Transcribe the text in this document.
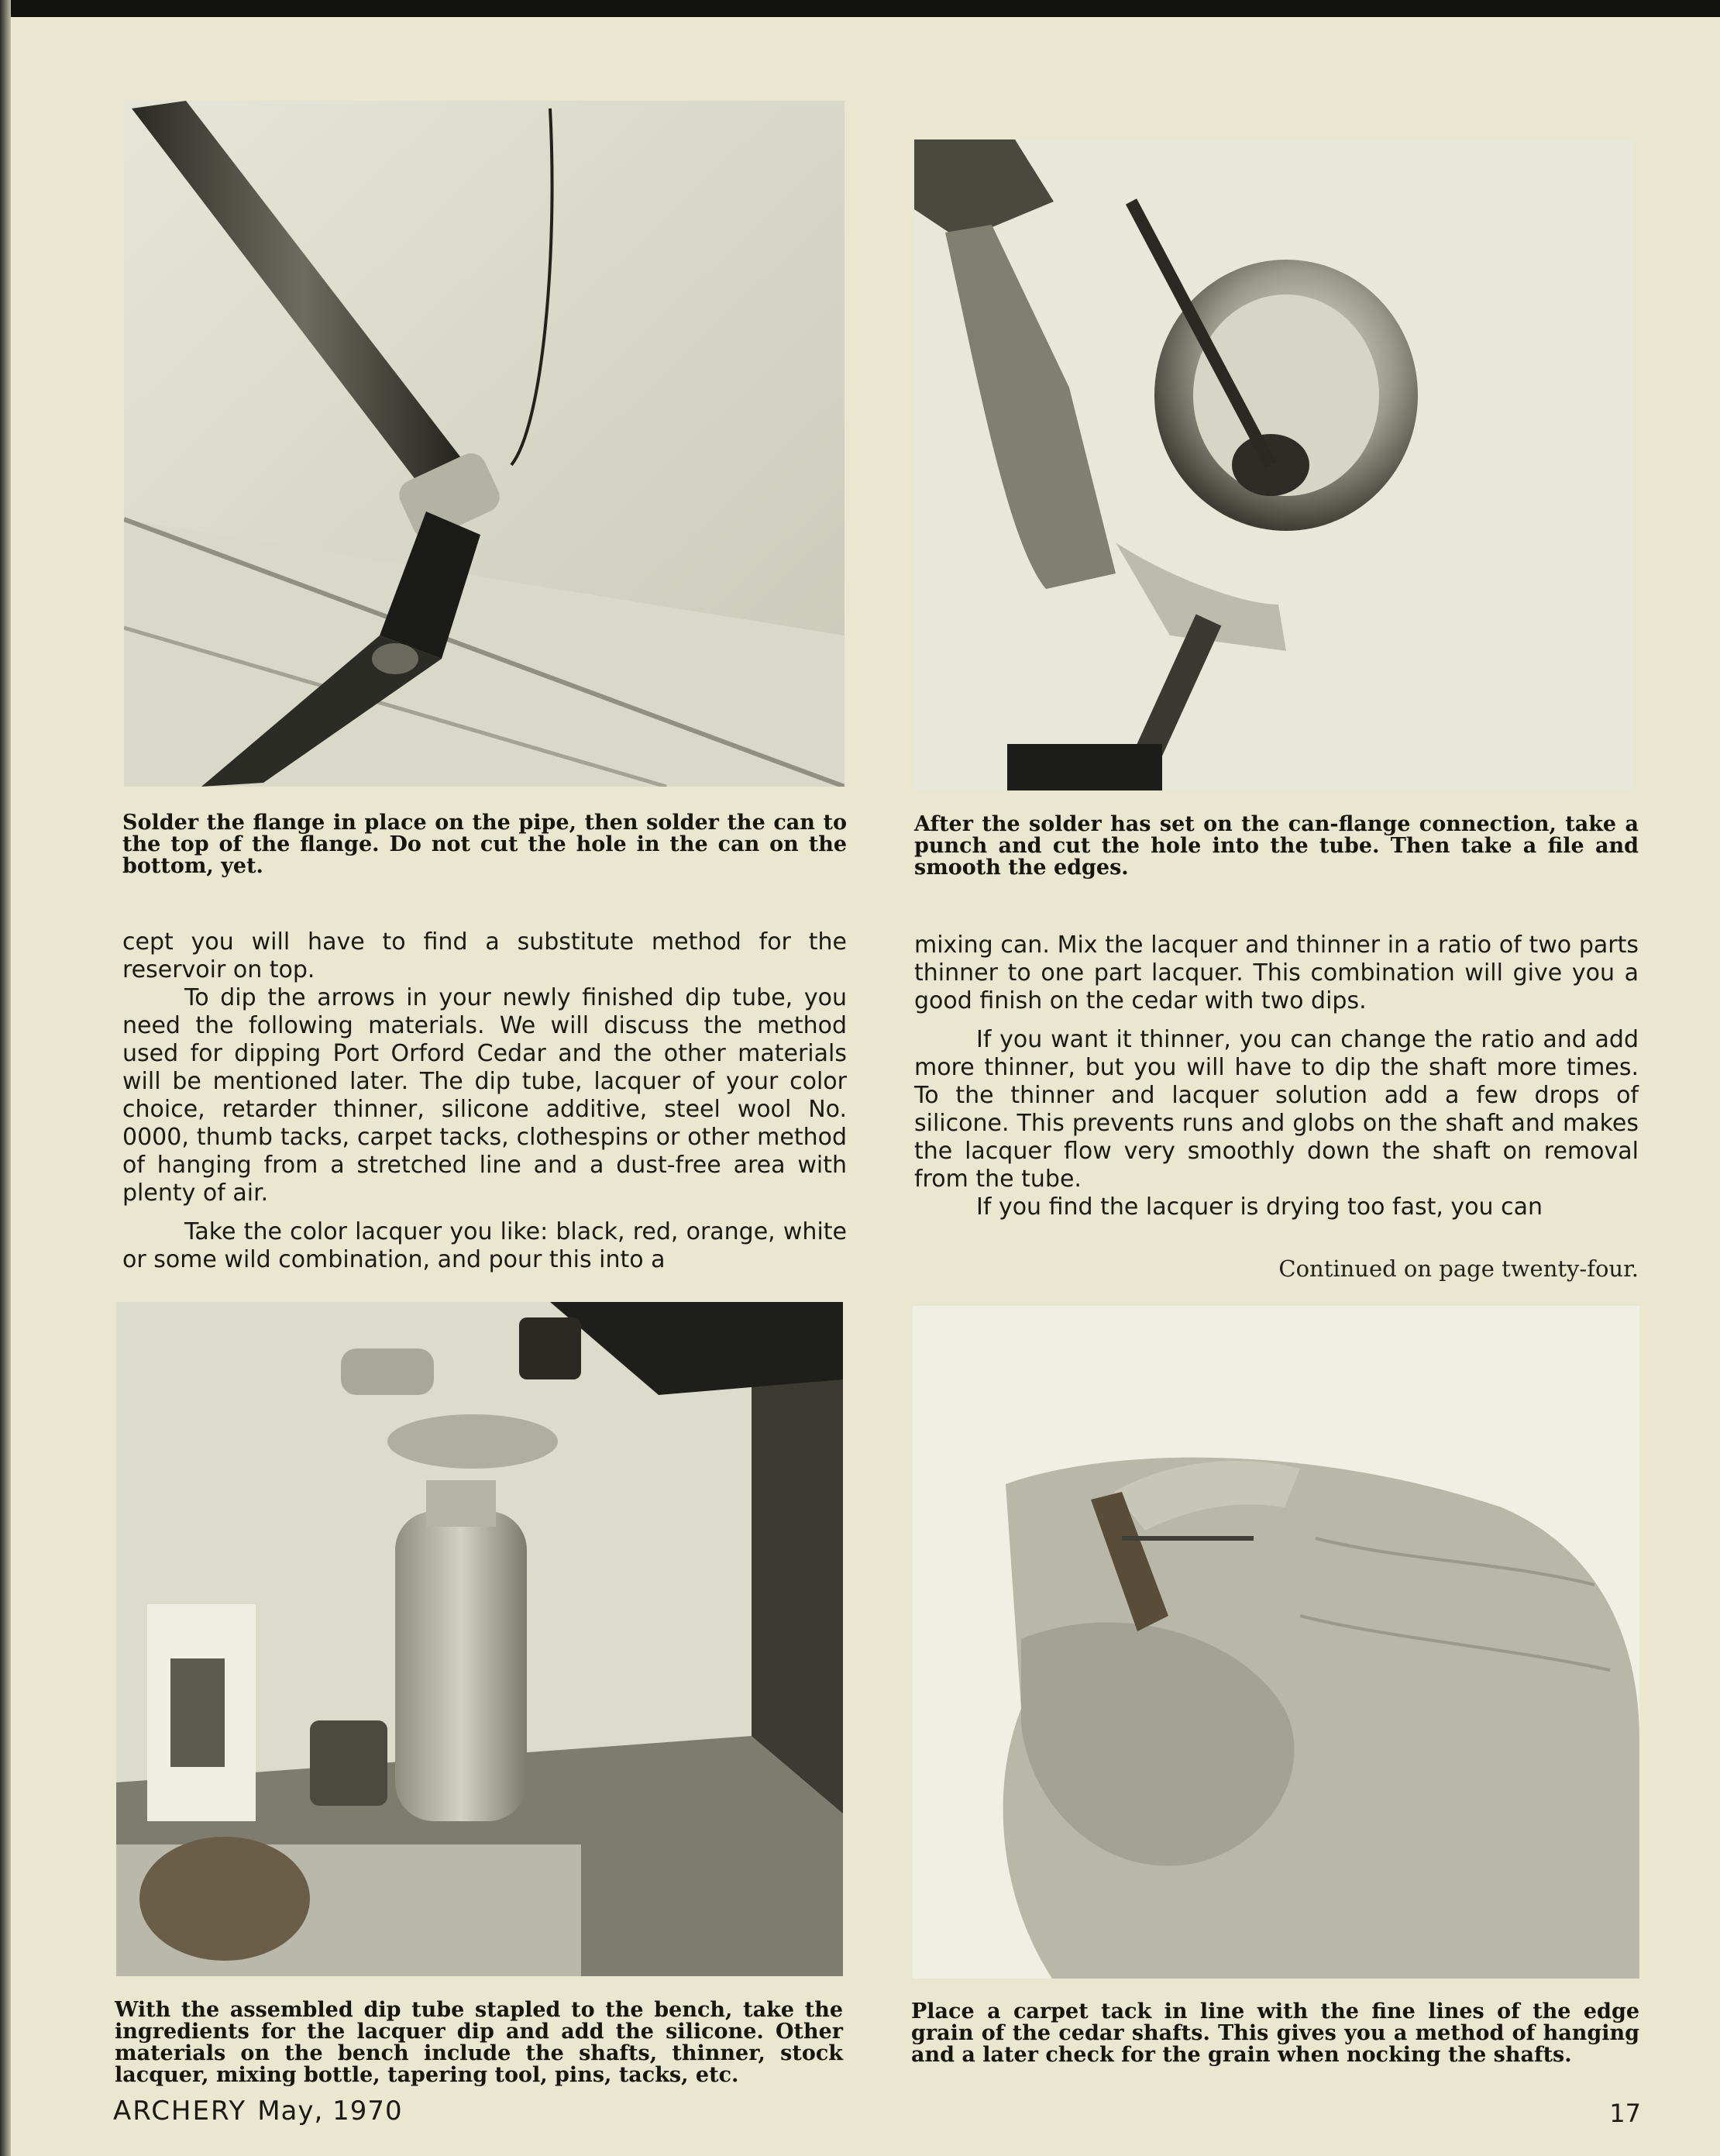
Solder the flange in place on the pipe, then solder the can to the top of the flange. Do not cut the hole in the can on the bottom, yet.
After the solder has set on the can-flange connection, take a punch and cut the hole into the tube. Then take a file and smooth the edges.

cept you will have to find a substitute method for the reservoir on top.

To dip the arrows in your newly finished dip tube, you need the following materials. We will discuss the method used for dipping Port Orford Cedar and the other materials will be mentioned later. The dip tube, lacquer of your color choice, retarder thinner, silicone additive, steel wool No. 0000, thumb tacks, carpet tacks, clothespins or other method of hanging from a stretched line and a dust-free area with plenty of air.

Take the color lacquer you like: black, red, orange, white or some wild combination, and pour this into a

mixing can. Mix the lacquer and thinner in a ratio of two parts thinner to one part lacquer. This combination will give you a good finish on the cedar with two dips.

If you want it thinner, you can change the ratio and add more thinner, but you will have to dip the shaft more times. To the thinner and lacquer solution add a few drops of silicone. This prevents runs and globs on the shaft and makes the lacquer flow very smoothly down the shaft on removal from the tube.

If you find the lacquer is drying too fast, you can

Continued on page twenty-four.
With the assembled dip tube stapled to the bench, take the ingredients for the lacquer dip and add the silicone. Other materials on the bench include the shafts, thinner, stock lacquer, mixing bottle, tapering tool, pins, tacks, etc.
Place a carpet tack in line with the fine lines of the edge grain of the cedar shafts. This gives you a method of hanging and a later check for the grain when nocking the shafts.
ARCHERY May, 1970	17
